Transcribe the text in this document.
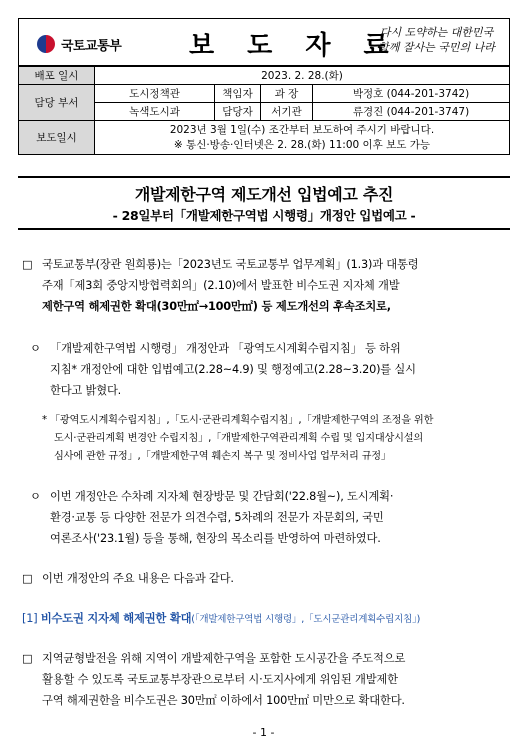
국토교통부	보 도 자 료
다시 도약하는 대한민국
함께 잘사는 국민의 나라
배포 일시	2023. 2. 28.(화)			
담당 부서	도시정책관	책임자	과 장	박정호 (044-201-3742)
	녹색도시과	담당자	서기관	류경진 (044-201-3747)
보도일시	2023년 3월 1일(수) 조간부터 보도하여 주시기 바랍니다.
※ 통신·방송·인터넷은 2. 28.(화) 11:00 이후 보도 가능			
개발제한구역 제도개선 입법예고 추진
- 28일부터「개발제한구역법 시행령」개정안 입법예고 -
□ 국토교통부(장관 원희룡)는「2023년도 국토교통부 업무계획」(1.3)과 대통령
주재「제3회 중앙지방협력회의」(2.10)에서 발표한 비수도권 지자체 개발
제한구역 해제권한 확대(30만㎡→100만㎡) 등 제도개선의 후속조치로,
ㅇ 「개발제한구역법 시행령」 개정안과 「광역도시계획수립지침」 등 하위
지침* 개정안에 대한 입법예고(2.28~4.9) 및 행정예고(2.28~3.20)를 실시
한다고 밝혔다.
* 「광역도시계획수립지침」,「도시·군관리계획수립지침」,「개발제한구역의 조정을 위한
도시·군관리계획 변경안 수립지침」,「개발제한구역관리계획 수립 및 입지대상시설의
심사에 관한 규정」,「개발제한구역 훼손지 복구 및 정비사업 업무처리 규정」
ㅇ 이번 개정안은 수차례 지자체 현장방문 및 간담회('22.8월~), 도시계획·
환경·교통 등 다양한 전문가 의견수렴, 5차례의 전문가 자문회의, 국민
여론조사('23.1월) 등을 통해, 현장의 목소리를 반영하여 마련하였다.
□ 이번 개정안의 주요 내용은 다음과 같다.
[1] 비수도권 지자체 해제권한 확대(「개발제한구역법 시행령」,「도시군관리계획수립지침」)
□ 지역균형발전을 위해 지역이 개발제한구역을 포함한 도시공간을 주도적으로
활용할 수 있도록 국토교통부장관으로부터 시·도지사에게 위임된 개발제한
구역 해제권한을 비수도권은 30만㎡ 이하에서 100만㎡ 미만으로 확대한다.
- 1 -
